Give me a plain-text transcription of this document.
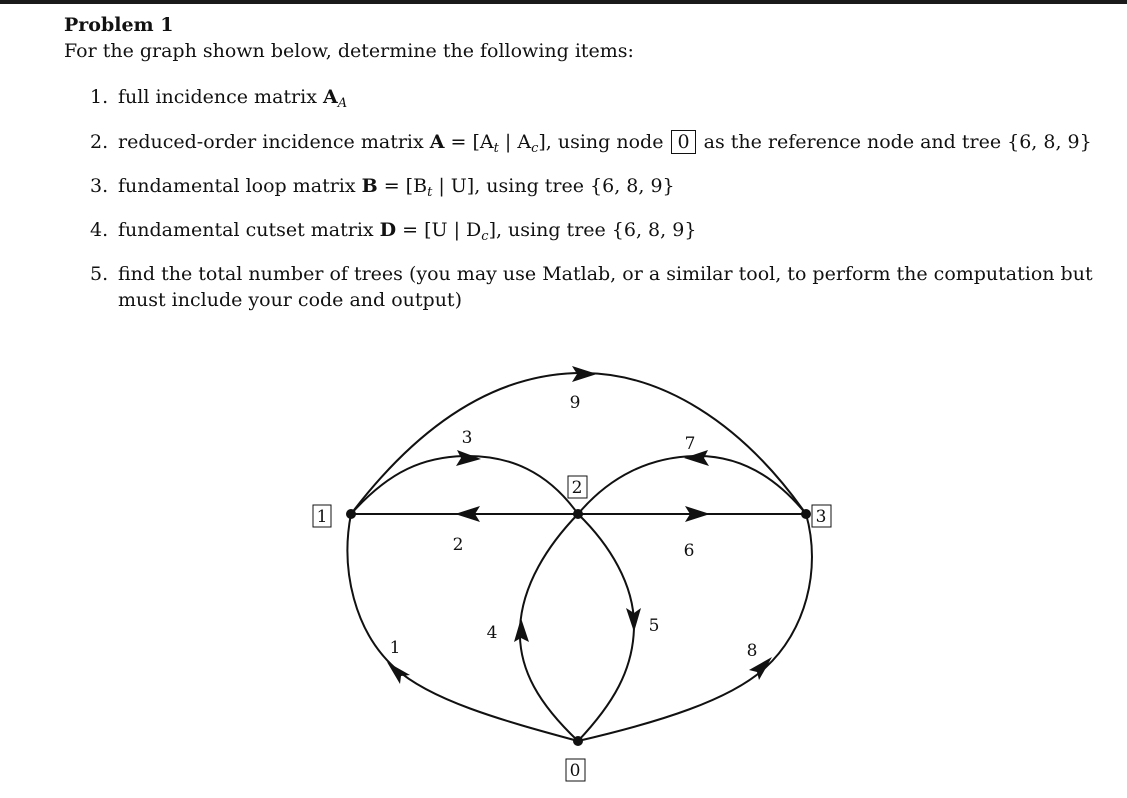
Problem 1
For the graph shown below, determine the following items:
1. full incidence matrix $A_A$
2. reduced-order incidence matrix $A = [A_t$ | $A_c$], using node 0 as the reference node and tree {6, 8, 9}
3. fundamental loop matrix $B = [B_t$ | U], using tree {6, 8, 9}
4. fundamental cutset matrix D = [U | $D_c$], using tree {6, 8, 9}
5. find the total number of trees (you may use Matlab, or a similar tool, to perform the computation but
must include your code and output)
1
2
3
0
9
3	7
2	6
4	5
1	8
